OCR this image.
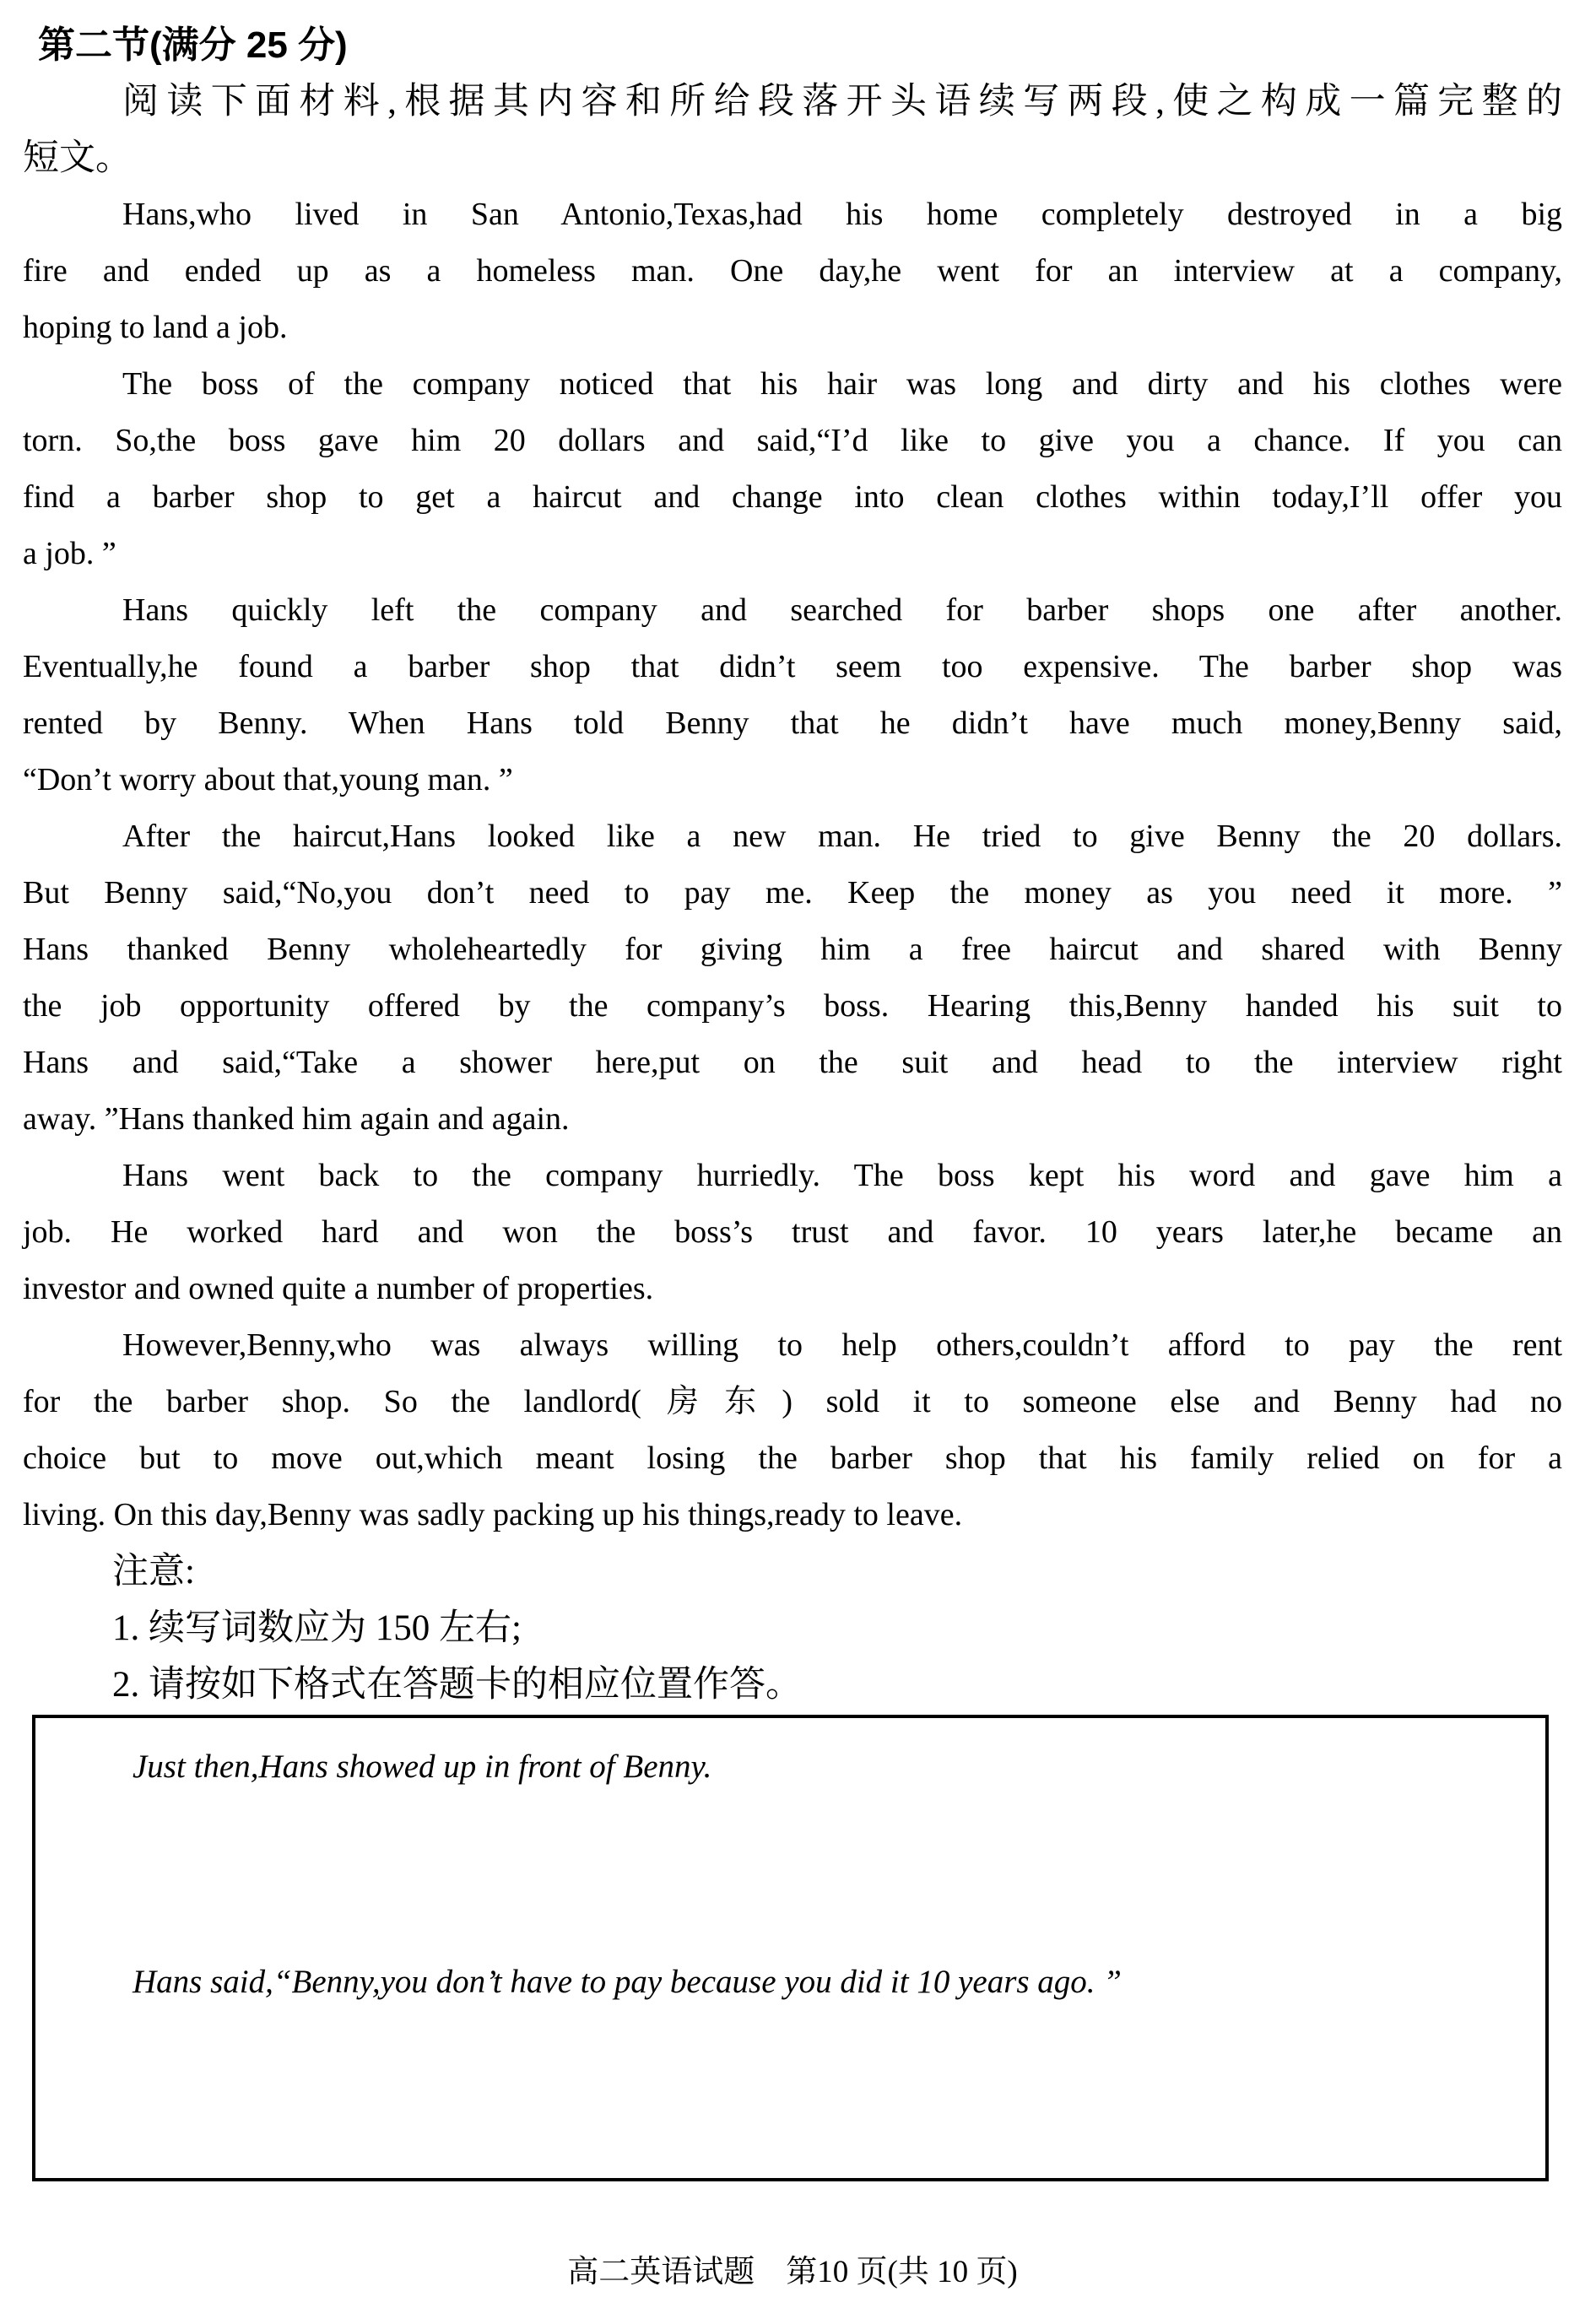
第二节(满分 25 分)
阅读下面材料,根据其内容和所给段落开头语续写两段,使之构成一篇完整的
短文。
Hans,who lived in San Antonio,Texas,had his home completely destroyed in a big
fire and ended up as a homeless man. One day,he went for an interview at a company,
hoping to land a job.
The boss of the company noticed that his hair was long and dirty and his clothes were
torn. So,the boss gave him 20 dollars and said,“I’d like to give you a chance. If you can
find a barber shop to get a haircut and change into clean clothes within today,I’ll offer you
a job. ”
Hans quickly left the company and searched for barber shops one after another.
Eventually,he found a barber shop that didn’t seem too expensive. The barber shop was
rented by Benny. When Hans told Benny that he didn’t have much money,Benny said,
“Don’t worry about that,young man. ”
After the haircut,Hans looked like a new man. He tried to give Benny the 20 dollars.
But Benny said,“No,you don’t need to pay me. Keep the money as you need it more. ”
Hans thanked Benny wholeheartedly for giving him a free haircut and shared with Benny
the job opportunity offered by the company’s boss. Hearing this,Benny handed his suit to
Hans and said,“Take a shower here,put on the suit and head to the interview right
away. ”Hans thanked him again and again.
Hans went back to the company hurriedly. The boss kept his word and gave him a
job. He worked hard and won the boss’s trust and favor. 10 years later,he became an
investor and owned quite a number of properties.
However,Benny,who was always willing to help others,couldn’t afford to pay the rent
for the barber shop. So the landlord(房东) sold it to someone else and Benny had no
choice but to move out,which meant losing the barber shop that his family relied on for a
living. On this day,Benny was sadly packing up his things,ready to leave.
注意:
1. 续写词数应为 150 左右;
2. 请按如下格式在答题卡的相应位置作答。
Just then,Hans showed up in front of Benny.
Hans said,“Benny,you don’t have to pay because you did it 10 years ago. ”
高二英语试题　第10 页(共 10 页)
